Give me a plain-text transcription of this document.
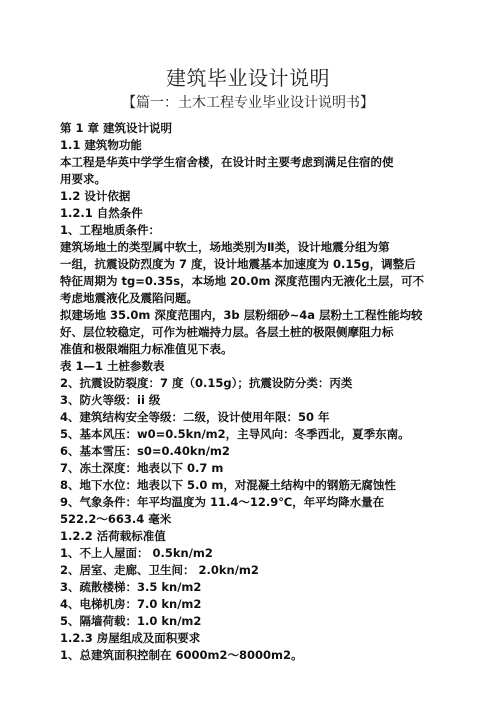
建筑毕业设计说明
【篇一：土木工程专业毕业设计说明书】
第 1 章 建筑设计说明
1.1 建筑物功能
本工程是华英中学学生宿舍楼，在设计时主要考虑到满足住宿的使
用要求。
1.2 设计依据
1.2.1 自然条件
1、工程地质条件：
建筑场地土的类型属中软土，场地类别为Ⅱ类，设计地震分组为第
一组，抗震设防烈度为 7 度，设计地震基本加速度为 0.15g，调整后
特征周期为 tg=0.35s，本场地 20.0m 深度范围内无液化土层，可不
考虑地震液化及震陷问题。
拟建场地 35.0m 深度范围内，3b 层粉细砂~4a 层粉土工程性能均较
好、层位较稳定，可作为桩端持力层。各层土桩的极限侧摩阻力标
准值和极限端阻力标准值见下表。
表 1—1 土桩参数表
2、抗震设防裂度：7 度（0.15g）；抗震设防分类：丙类
3、防火等级：ii 级
4、建筑结构安全等级：二级，设计使用年限：50 年
5、基本风压：w0=0.5kn/m2，主导风向：冬季西北，夏季东南。
6、基本雪压：s0=0.40kn/m2
7、冻土深度：地表以下 0.7 m
8、地下水位：地表以下 5.0 m，对混凝土结构中的钢筋无腐蚀性
9、气象条件：年平均温度为 11.4～12.9℃，年平均降水量在
522.2～663.4 毫米
1.2.2 活荷载标准值
1、不上人屋面： 0.5kn/m2
2、居室、走廊、卫生间： 2.0kn/m2
3、疏散楼梯：3.5 kn/m2
4、电梯机房：7.0 kn/m2
5、隔墙荷载：1.0 kn/m2
1.2.3 房屋组成及面积要求
1、总建筑面积控制在 6000m2～8000m2。
